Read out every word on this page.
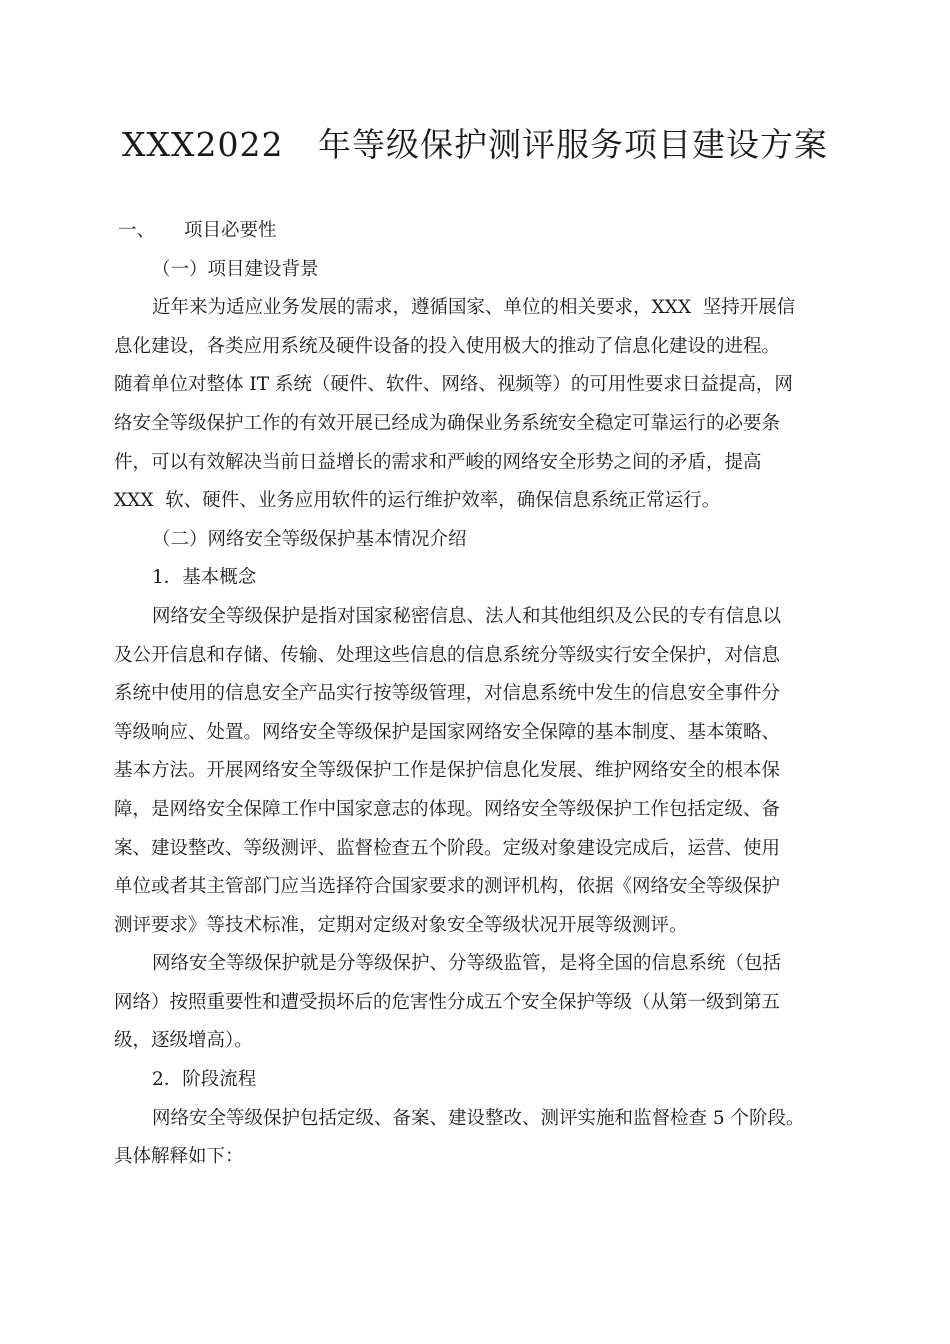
XXX2022   年等级保护测评服务项目建设方案

一、 项目必要性

（一）项目建设背景

近年来为适应业务发展的需求，遵循国家、单位的相关要求，XXX  坚持开展信
息化建设，各类应用系统及硬件设备的投入使用极大的推动了信息化建设的进程。
随着单位对整体 IT 系统（硬件、软件、网络、视频等）的可用性要求日益提高，网
络安全等级保护工作的有效开展已经成为确保业务系统安全稳定可靠运行的必要条
件，可以有效解决当前日益增长的需求和严峻的网络安全形势之间的矛盾，提高
XXX  软、硬件、业务应用软件的运行维护效率，确保信息系统正常运行。

（二）网络安全等级保护基本情况介绍

1．基本概念

网络安全等级保护是指对国家秘密信息、法人和其他组织及公民的专有信息以
及公开信息和存储、传输、处理这些信息的信息系统分等级实行安全保护，对信息
系统中使用的信息安全产品实行按等级管理，对信息系统中发生的信息安全事件分
等级响应、处置。网络安全等级保护是国家网络安全保障的基本制度、基本策略、
基本方法。开展网络安全等级保护工作是保护信息化发展、维护网络安全的根本保
障，是网络安全保障工作中国家意志的体现。网络安全等级保护工作包括定级、备
案、建设整改、等级测评、监督检查五个阶段。定级对象建设完成后，运营、使用
单位或者其主管部门应当选择符合国家要求的测评机构，依据《网络安全等级保护
测评要求》等技术标准，定期对定级对象安全等级状况开展等级测评。

网络安全等级保护就是分等级保护、分等级监管，是将全国的信息系统（包括
网络）按照重要性和遭受损坏后的危害性分成五个安全保护等级（从第一级到第五
级，逐级增高）。

2．阶段流程

网络安全等级保护包括定级、备案、建设整改、测评实施和监督检查 5 个阶段。
具体解释如下：
